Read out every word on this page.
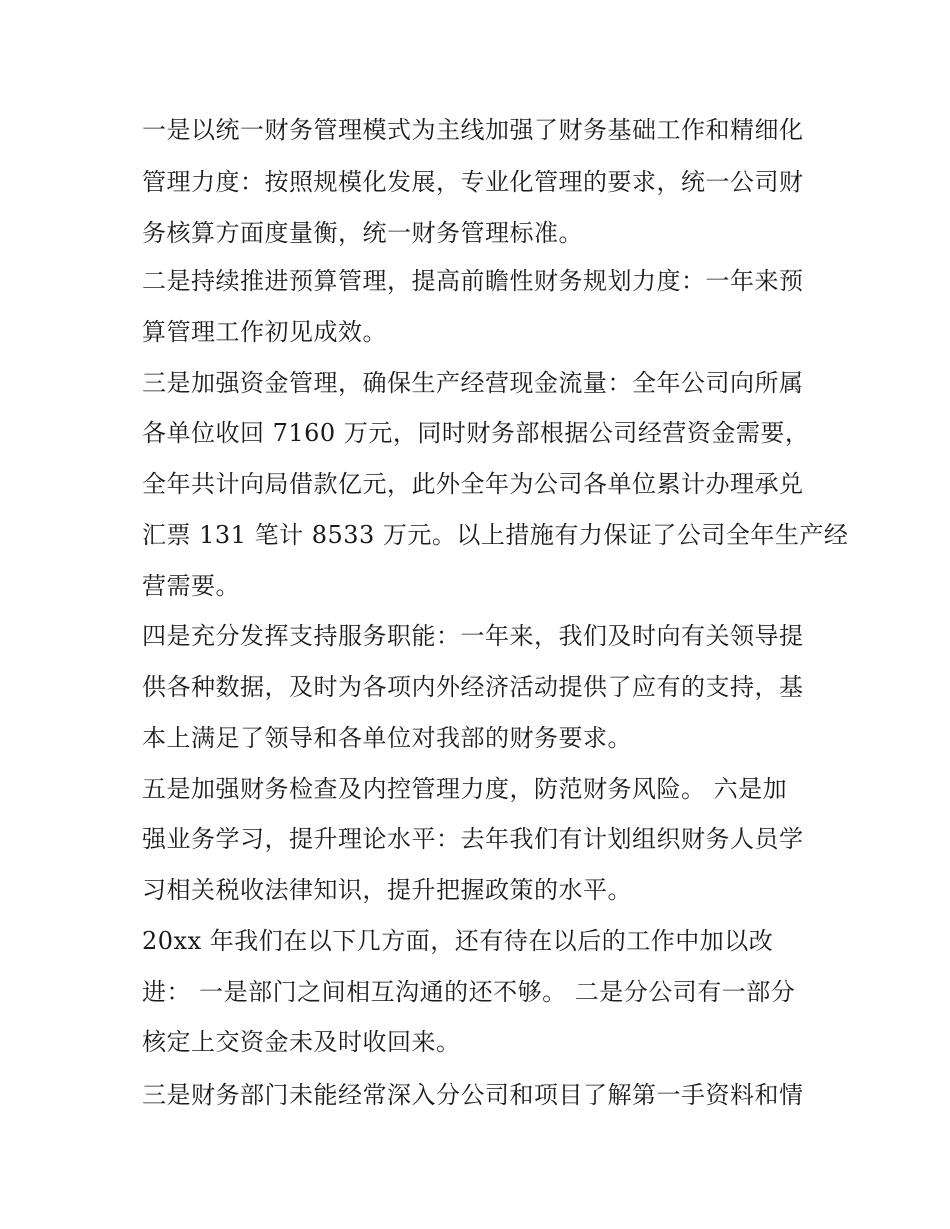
一是以统一财务管理模式为主线加强了财务基础工作和精细化

管理力度：按照规模化发展，专业化管理的要求，统一公司财

务核算方面度量衡，统一财务管理标准。

二是持续推进预算管理，提高前瞻性财务规划力度：一年来预

算管理工作初见成效。

三是加强资金管理，确保生产经营现金流量：全年公司向所属

各单位收回 7160 万元，同时财务部根据公司经营资金需要，

全年共计向局借款亿元，此外全年为公司各单位累计办理承兑

汇票 131 笔计 8533 万元。以上措施有力保证了公司全年生产经

营需要。

四是充分发挥支持服务职能：一年来，我们及时向有关领导提

供各种数据，及时为各项内外经济活动提供了应有的支持，基

本上满足了领导和各单位对我部的财务要求。

五是加强财务检查及内控管理力度，防范财务风险。 六是加

强业务学习，提升理论水平：去年我们有计划组织财务人员学

习相关税收法律知识，提升把握政策的水平。

20xx 年我们在以下几方面，还有待在以后的工作中加以改

进： 一是部门之间相互沟通的还不够。 二是分公司有一部分

核定上交资金未及时收回来。

三是财务部门未能经常深入分公司和项目了解第一手资料和情
